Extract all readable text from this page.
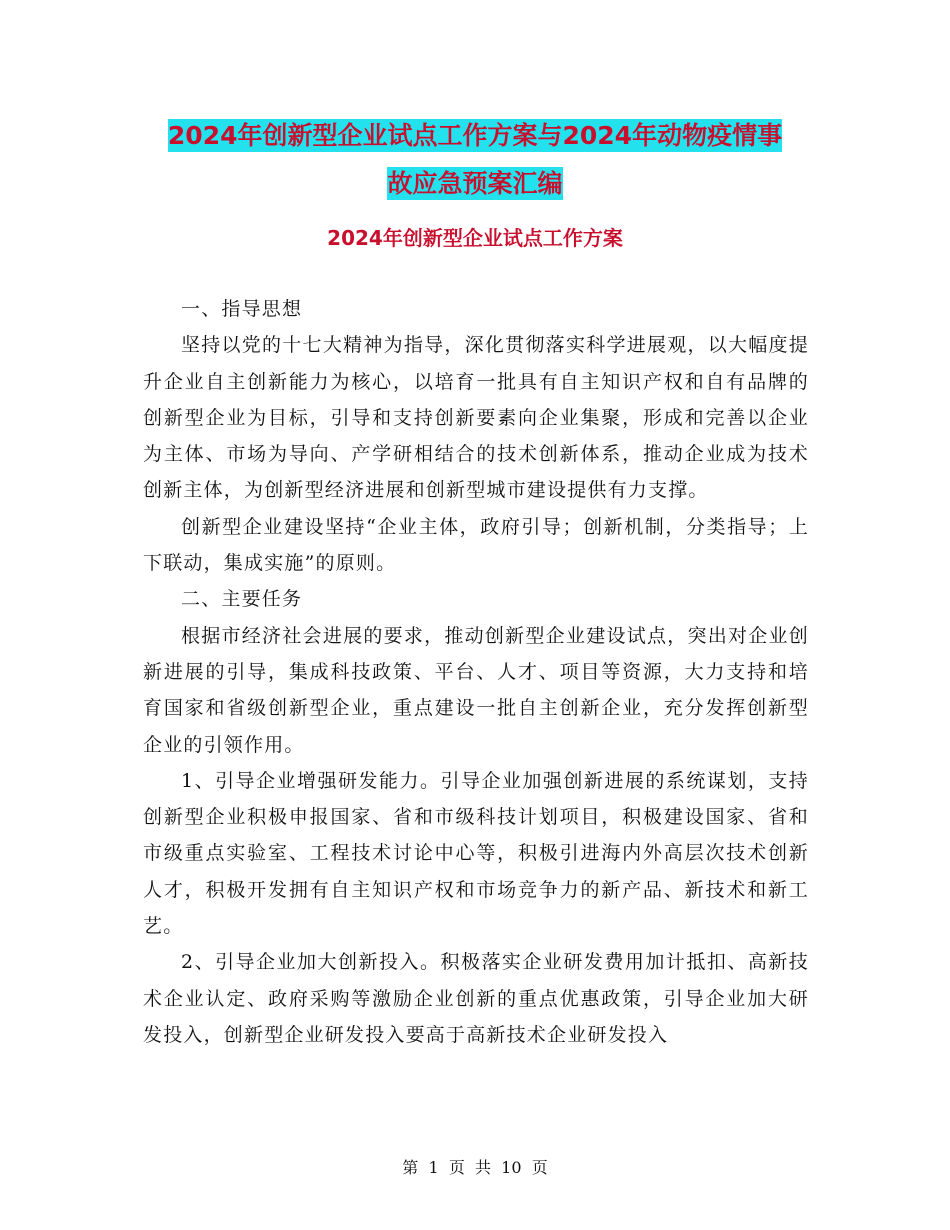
2024年创新型企业试点工作方案与2024年动物疫情事
故应急预案汇编
2024年创新型企业试点工作方案

一、指导思想

坚持以党的十七大精神为指导，深化贯彻落实科学进展观，以大幅度提升企业自主创新能力为核心，以培育一批具有自主知识产权和自有品牌的创新型企业为目标，引导和支持创新要素向企业集聚，形成和完善以企业为主体、市场为导向、产学研相结合的技术创新体系，推动企业成为技术创新主体，为创新型经济进展和创新型城市建设提供有力支撑。

创新型企业建设坚持“企业主体，政府引导；创新机制，分类指导；上下联动，集成实施”的原则。

二、主要任务

根据市经济社会进展的要求，推动创新型企业建设试点，突出对企业创新进展的引导，集成科技政策、平台、人才、项目等资源，大力支持和培育国家和省级创新型企业，重点建设一批自主创新企业，充分发挥创新型企业的引领作用。

1、引导企业增强研发能力。引导企业加强创新进展的系统谋划，支持创新型企业积极申报国家、省和市级科技计划项目，积极建设国家、省和市级重点实验室、工程技术讨论中心等，积极引进海内外高层次技术创新人才，积极开发拥有自主知识产权和市场竞争力的新产品、新技术和新工艺。

2、引导企业加大创新投入。积极落实企业研发费用加计抵扣、高新技术企业认定、政府采购等激励企业创新的重点优惠政策，引导企业加大研发投入，创新型企业研发投入要高于高新技术企业研发投入

第  1  页  共  10  页
